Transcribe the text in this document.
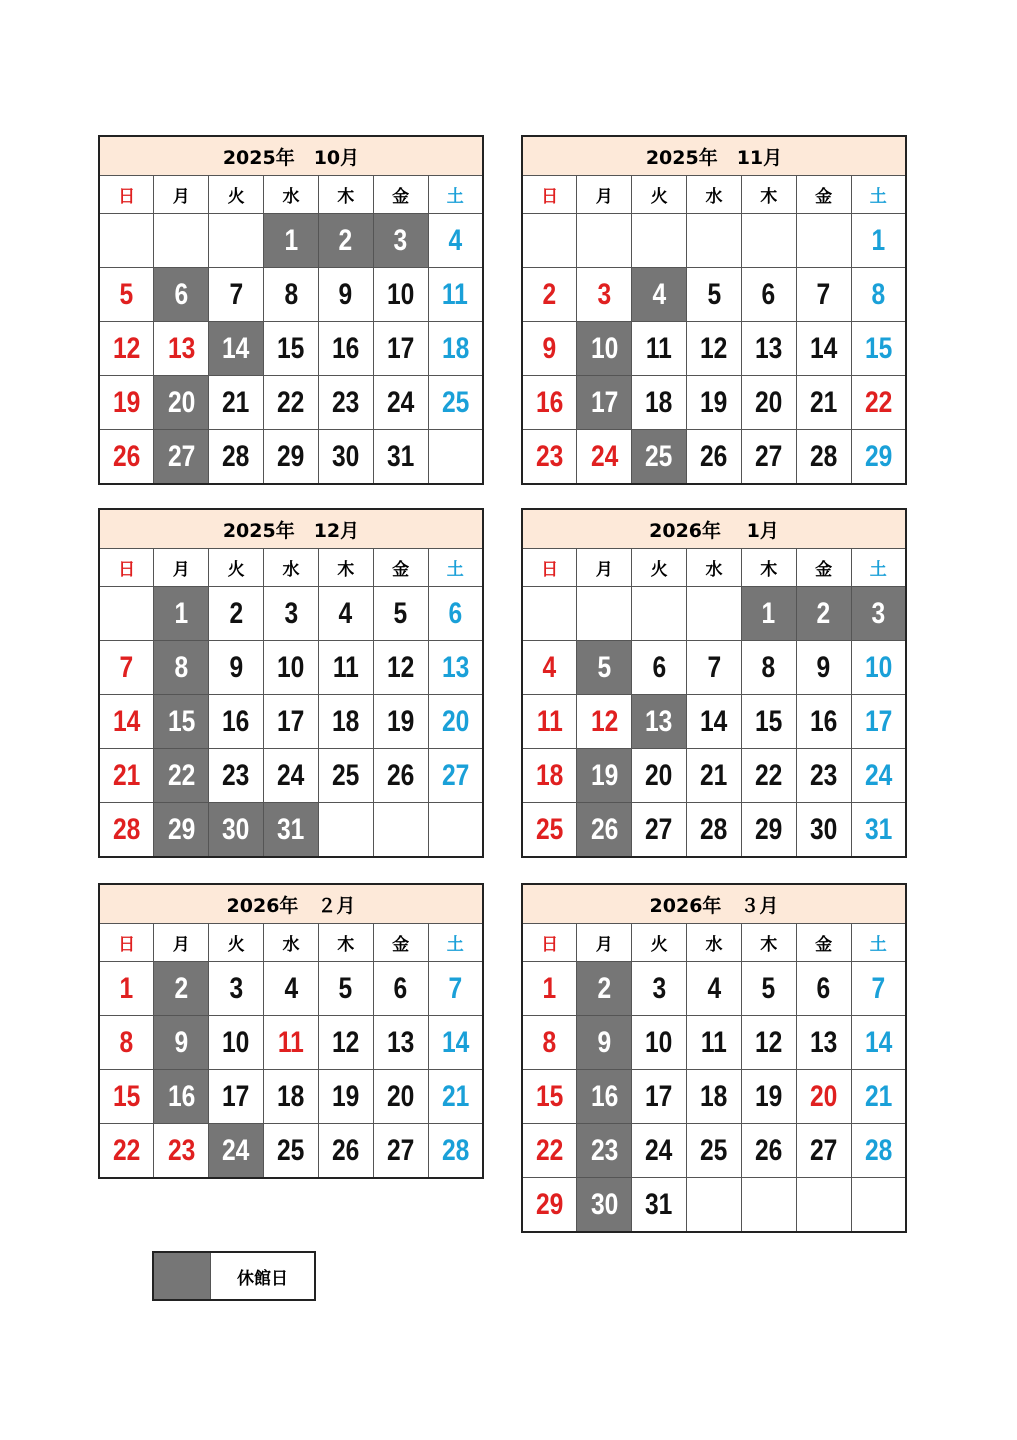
2025年　10月						
日	月	火	水	木	金	土
			1	2	3	4
5	6	7	8	9	10	11
12	13	14	15	16	17	18
19	20	21	22	23	24	25
26	27	28	29	30	31	
2025年　11月						
日	月	火	水	木	金	土
						1
2	3	4	5	6	7	8
9	10	11	12	13	14	15
16	17	18	19	20	21	22
23	24	25	26	27	28	29
2025年　12月						
日	月	火	水	木	金	土
	1	2	3	4	5	6
7	8	9	10	11	12	13
14	15	16	17	18	19	20
21	22	23	24	25	26	27
28	29	30	31			
2026年　 1月						
日	月	火	水	木	金	土
				1	2	3
4	5	6	7	8	9	10
11	12	13	14	15	16	17
18	19	20	21	22	23	24
25	26	27	28	29	30	31
2026年　２月						
日	月	火	水	木	金	土
1	2	3	4	5	6	7
8	9	10	11	12	13	14
15	16	17	18	19	20	21
22	23	24	25	26	27	28
2026年　３月						
日	月	火	水	木	金	土
1	2	3	4	5	6	7
8	9	10	11	12	13	14
15	16	17	18	19	20	21
22	23	24	25	26	27	28
29	30	31				
休館日
